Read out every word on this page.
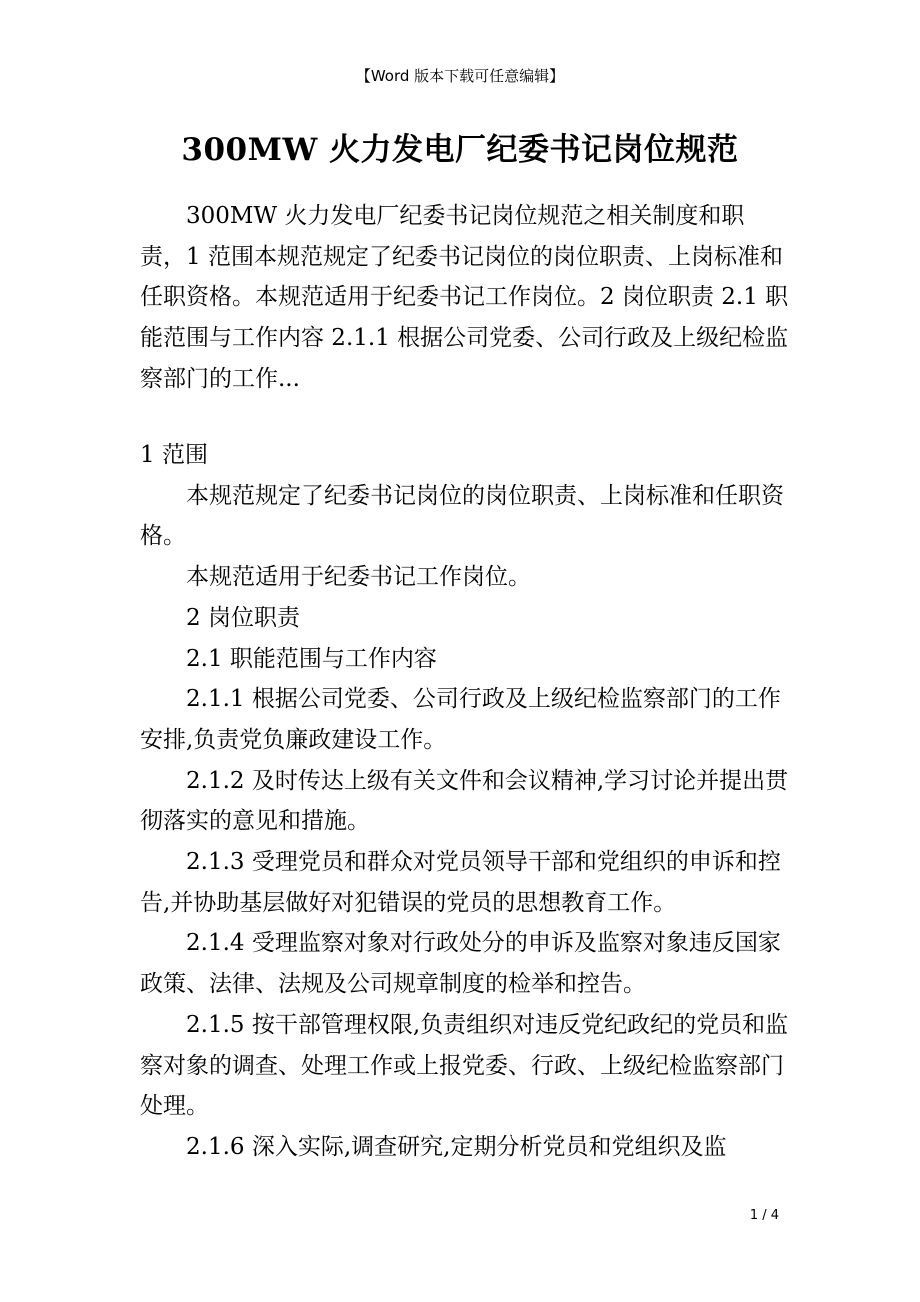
【Word 版本下载可任意编辑】
300MW 火力发电厂纪委书记岗位规范

300MW 火力发电厂纪委书记岗位规范之相关制度和职责，1 范围本规范规定了纪委书记岗位的岗位职责、上岗标准和任职资格。本规范适用于纪委书记工作岗位。2 岗位职责 2.1 职能范围与工作内容 2.1.1 根据公司党委、公司行政及上级纪检监察部门的工作...

1 范围

本规范规定了纪委书记岗位的岗位职责、上岗标准和任职资格。

本规范适用于纪委书记工作岗位。

2 岗位职责

2.1 职能范围与工作内容

2.1.1 根据公司党委、公司行政及上级纪检监察部门的工作安排,负责党负廉政建设工作。

2.1.2 及时传达上级有关文件和会议精神,学习讨论并提出贯彻落实的意见和措施。

2.1.3 受理党员和群众对党员领导干部和党组织的申诉和控告,并协助基层做好对犯错误的党员的思想教育工作。

2.1.4 受理监察对象对行政处分的申诉及监察对象违反国家政策、法律、法规及公司规章制度的检举和控告。

2.1.5 按干部管理权限,负责组织对违反党纪政纪的党员和监察对象的调查、处理工作或上报党委、行政、上级纪检监察部门处理。

2.1.6 深入实际,调查研究,定期分析党员和党组织及监

1 / 4
